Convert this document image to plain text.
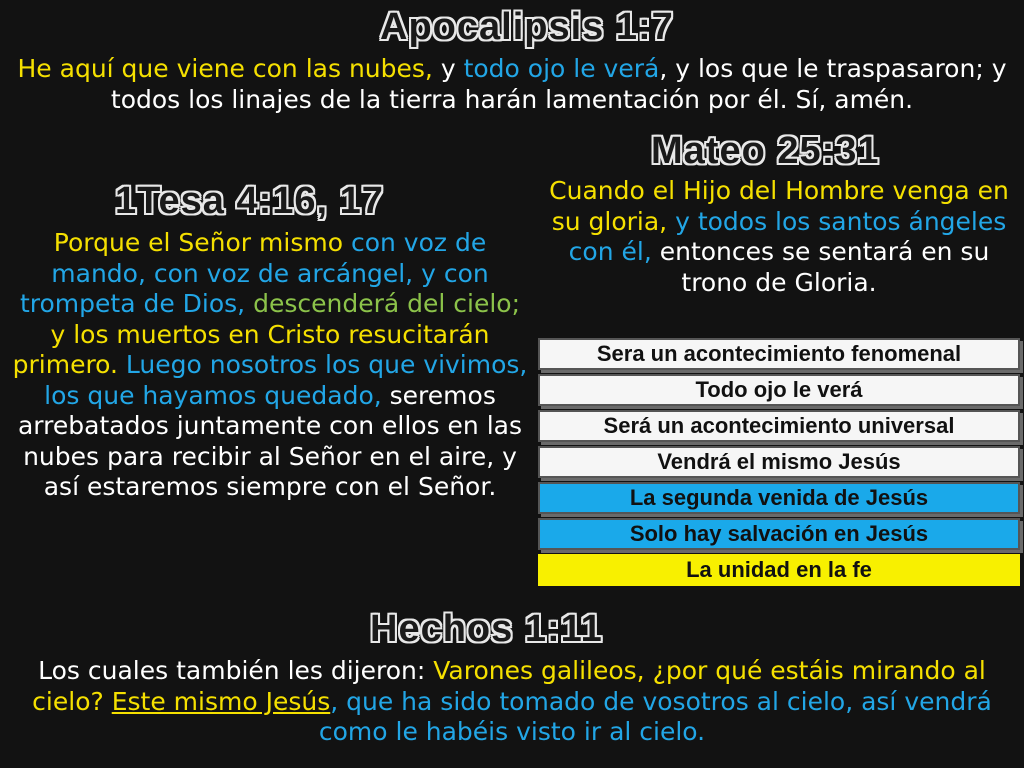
Apocalipsis 1:7
He aquí que viene con las nubes, y todo ojo le verá, y los que le traspasaron; y todos los linajes de la tierra harán lamentación por él. Sí, amén.
Mateo 25:31
Cuando el Hijo del Hombre venga en su gloria, y todos los santos ángeles con él, entonces se sentará en su trono de Gloria.
1Tesa 4:16, 17
Porque el Señor mismo con voz de mando, con voz de arcángel, y con trompeta de Dios, descenderá del cielo; y los muertos en Cristo resucitarán primero. Luego nosotros los que vivimos, los que hayamos quedado, seremos arrebatados juntamente con ellos en las nubes para recibir al Señor en el aire, y así estaremos siempre con el Señor.
Sera un acontecimiento fenomenal
Todo ojo le verá
Será un acontecimiento universal
Vendrá el mismo Jesús
La segunda venida de Jesús
Solo hay salvación en Jesús
La unidad en la fe
Hechos 1:11
Los cuales también les dijeron: Varones galileos, ¿por qué estáis mirando al cielo? Este mismo Jesús, que ha sido tomado de vosotros al cielo, así vendrá como le habéis visto ir al cielo.
